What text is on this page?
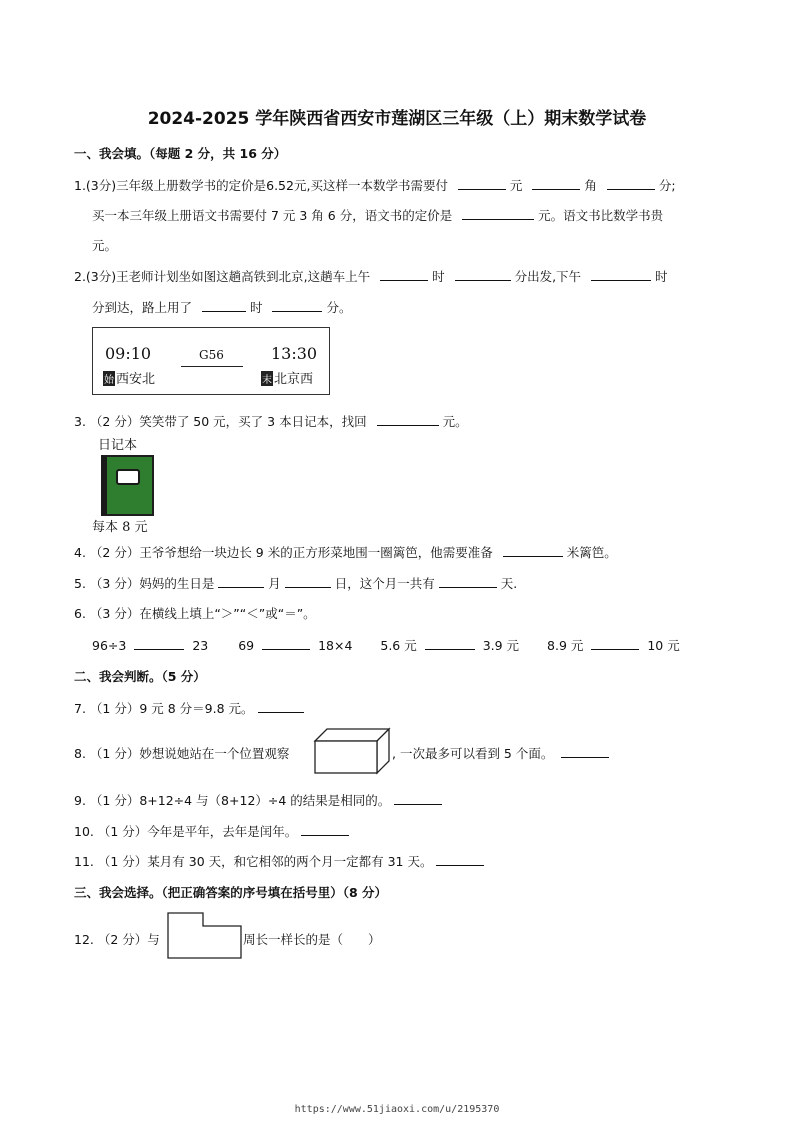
2024-2025 学年陕西省西安市莲湖区三年级（上）期末数学试卷
一、我会填。（每题 2 分，共 16 分）
1.(3分)三年级上册数学书的定价是6.52元,买这样一本数学书需要付	元	角	分;
买一本三年级上册语文书需要付 7 元 3 角 6 分，语文书的定价是	元。语文书比数学书贵
元。
2.(3分)王老师计划坐如图这趟高铁到北京,这趟车上午	时	分出发,下午	时
分到达，路上用了	时	分。
09:10	G56	13:30
始 西安北	末 北京西
3. （2 分）笑笑带了 50 元，买了 3 本日记本，找回	元。
日记本
每本 8 元
4. （2 分）王爷爷想给一块边长 9 米的正方形菜地围一圈篱笆，他需要准备	米篱笆。
5. （3 分）妈妈的生日是	月	日，这个月一共有	天.
6. （3 分）在横线上填上“＞”“＜”或“＝”。
96÷3	23 69	18×4 5.6 元	3.9 元 8.9 元	10 元
二、我会判断。（5 分）
7. （1 分）9 元 8 分＝9.8 元。
8. （1 分）妙想说她站在一个位置观察	, 一次最多可以看到 5 个面。
9. （1 分）8+12÷4 与（8+12）÷4 的结果是相同的。
10. （1 分）今年是平年，去年是闰年。
11. （1 分）某月有 30 天，和它相邻的两个月一定都有 31 天。
三、我会选择。（把正确答案的序号填在括号里）（8 分）
12. （2 分）与	周长一样长的是（　　）
https://www.51jiaoxi.com/u/2195370
